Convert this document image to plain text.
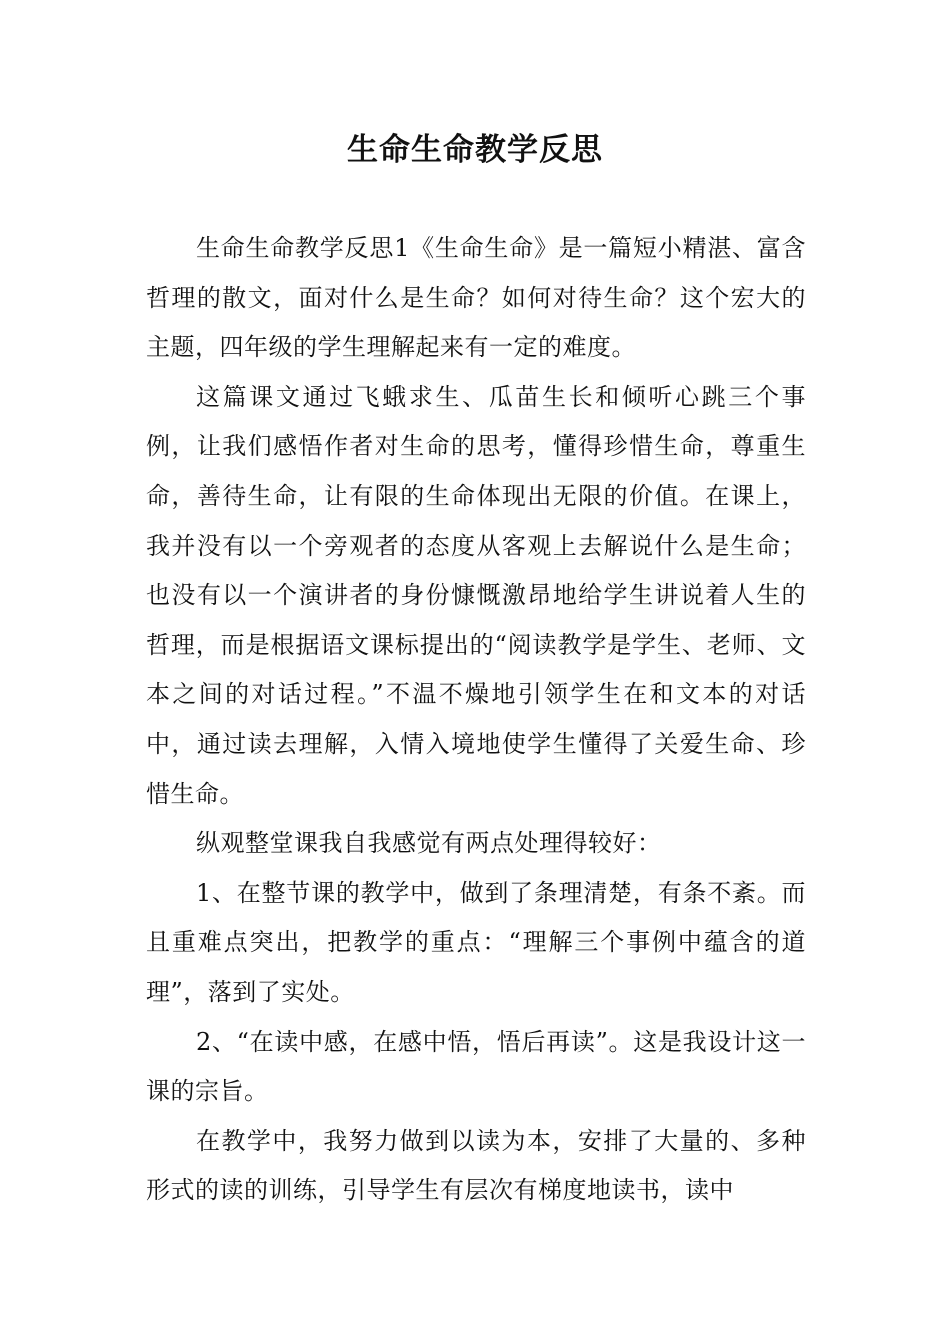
生命生命教学反思

生命生命教学反思1《生命生命》是一篇短小精湛、富含哲理的散文，面对什么是生命？如何对待生命？这个宏大的主题，四年级的学生理解起来有一定的难度。

这篇课文通过飞蛾求生、瓜苗生长和倾听心跳三个事例，让我们感悟作者对生命的思考，懂得珍惜生命，尊重生命，善待生命，让有限的生命体现出无限的价值。在课上，我并没有以一个旁观者的态度从客观上去解说什么是生命；也没有以一个演讲者的身份慷慨激昂地给学生讲说着人生的哲理，而是根据语文课标提出的“阅读教学是学生、老师、文本之间的对话过程。”不温不燥地引领学生在和文本的对话中，通过读去理解，入情入境地使学生懂得了关爱生命、珍惜生命。

纵观整堂课我自我感觉有两点处理得较好：

1、在整节课的教学中，做到了条理清楚，有条不紊。而且重难点突出，把教学的重点：“理解三个事例中蕴含的道理”，落到了实处。

2、“在读中感，在感中悟，悟后再读”。这是我设计这一课的宗旨。

在教学中，我努力做到以读为本，安排了大量的、多种形式的读的训练，引导学生有层次有梯度地读书，读中
